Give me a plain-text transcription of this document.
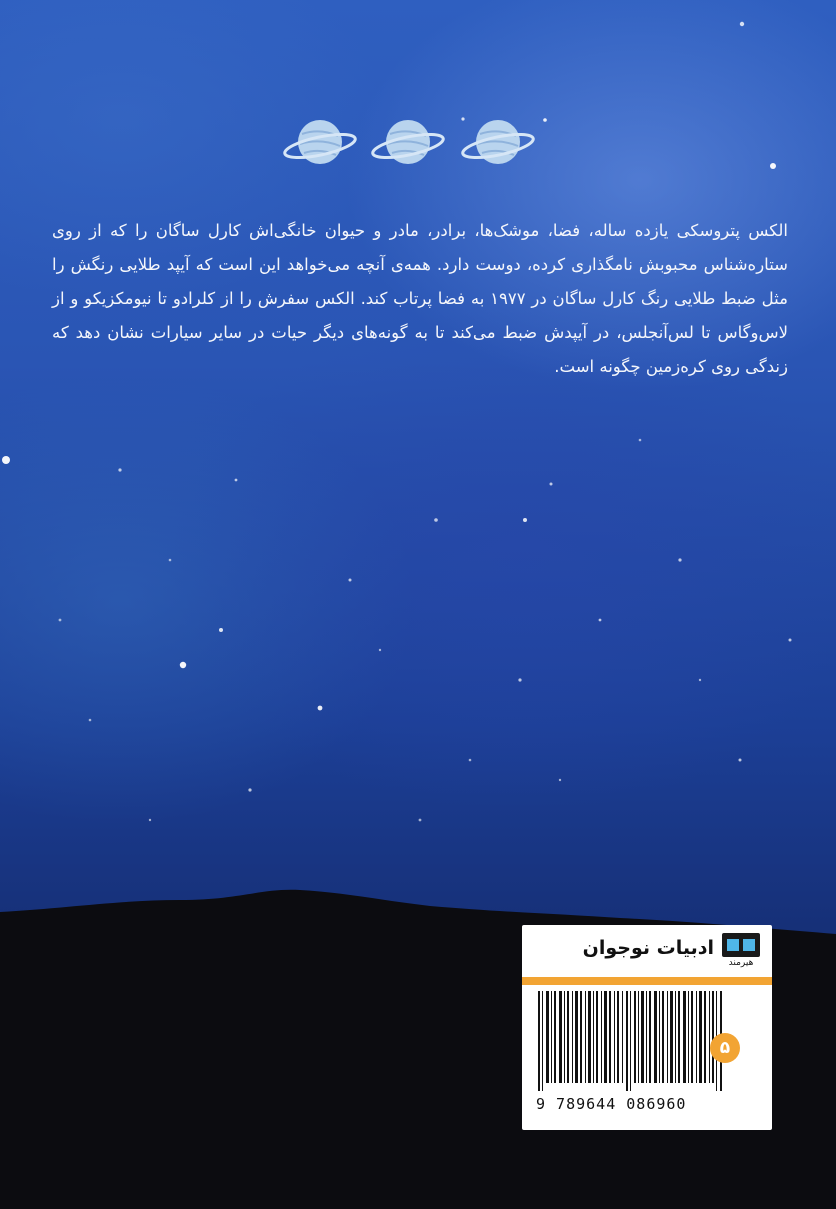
الکس پتروسکی یازده ساله، فضا، موشک‌ها، برادر، مادر و حیوان خانگی‌اش کارل ساگان را که از روی ستاره‌شناس محبوبش نامگذاری کرده، دوست دارد. همه‌ی آنچه می‌خواهد این است که آیپد طلایی رنگش را مثل ضبط طلایی رنگ کارل ساگان در ۱۹۷۷ به فضا پرتاب کند. الکس سفرش را از کلرادو تا نیومکزیکو و از لاس‌وگاس تا لس‌آنجلس، در آیپدش ضبط می‌کند تا به گونه‌های دیگر حیات در سایر سیارات نشان دهد که زندگی روی کره‌زمین چگونه است.

ادبیات نوجوان
هیرمند
9 789644 086960
۵
